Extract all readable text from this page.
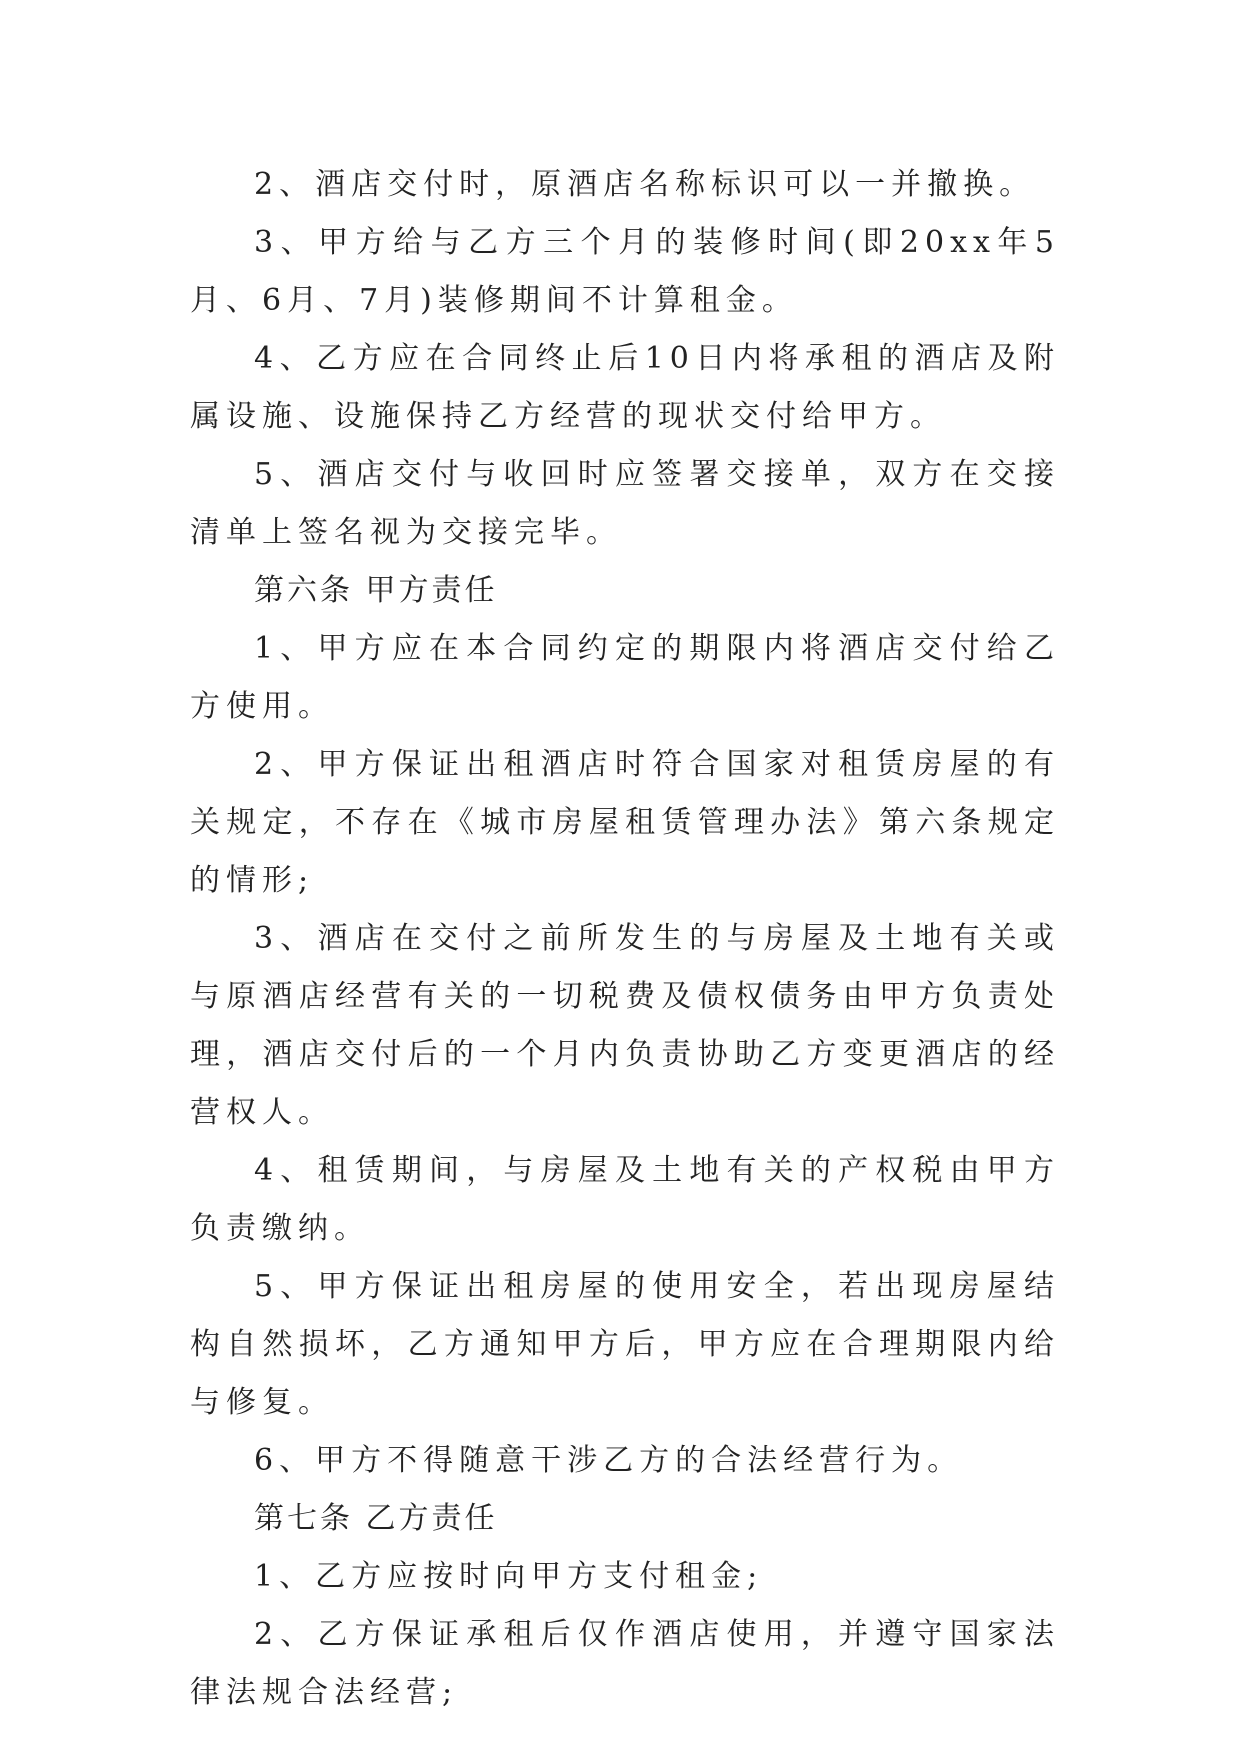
2、酒店交付时，原酒店名称标识可以一并撤换。

3、甲方给与乙方三个月的装修时间(即20xx年5月、6月、7月)装修期间不计算租金。

4、乙方应在合同终止后10日内将承租的酒店及附属设施、设施保持乙方经营的现状交付给甲方。

5、酒店交付与收回时应签署交接单，双方在交接清单上签名视为交接完毕。

第六条 甲方责任

1、甲方应在本合同约定的期限内将酒店交付给乙方使用。

2、甲方保证出租酒店时符合国家对租赁房屋的有关规定，不存在《城市房屋租赁管理办法》第六条规定的情形;

3、酒店在交付之前所发生的与房屋及土地有关或与原酒店经营有关的一切税费及债权债务由甲方负责处理，酒店交付后的一个月内负责协助乙方变更酒店的经营权人。

4、租赁期间，与房屋及土地有关的产权税由甲方负责缴纳。

5、甲方保证出租房屋的使用安全，若出现房屋结构自然损坏，乙方通知甲方后，甲方应在合理期限内给与修复。

6、甲方不得随意干涉乙方的合法经营行为。

第七条 乙方责任

1、乙方应按时向甲方支付租金;

2、乙方保证承租后仅作酒店使用，并遵守国家法律法规合法经营;
